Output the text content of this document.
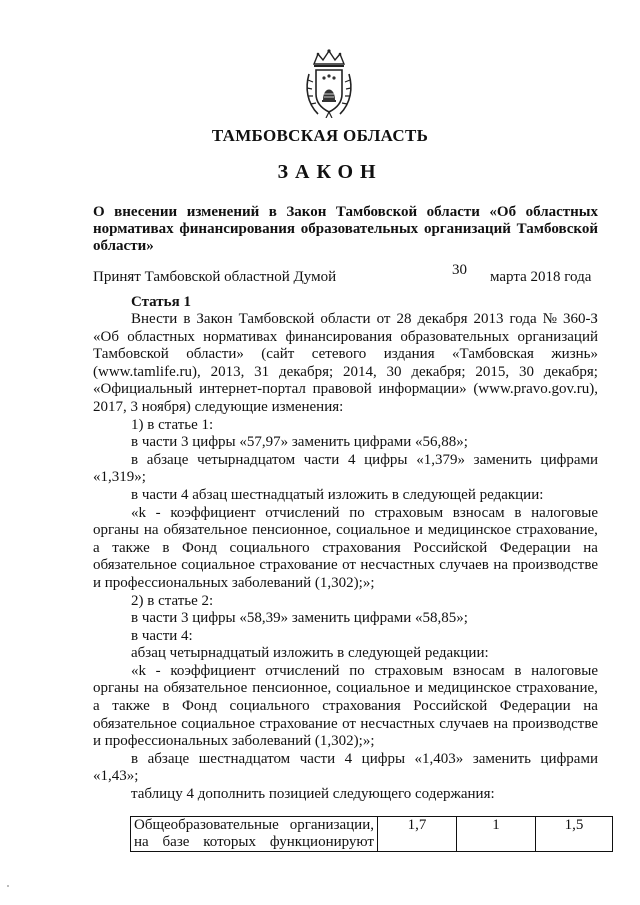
ТАМБОВСКАЯ ОБЛАСТЬ
ЗАКОН
О внесении изменений в Закон Тамбовской области «Об областных
нормативах финансирования образовательных организаций Тамбовской
области»
Принят Тамбовской областной Думой	30 марта 2018 года
Статья 1
Внести в Закон Тамбовской области от 28 декабря 2013 года № 360-З
«Об областных нормативах финансирования образовательных организаций
Тамбовской области» (сайт сетевого издания «Тамбовская жизнь»
(www.tamlife.ru), 2013, 31 декабря; 2014, 30 декабря; 2015, 30 декабря;
«Официальный интернет-портал правовой информации» (www.pravo.gov.ru),
2017, 3 ноября) следующие изменения:
1) в статье 1:
в части 3 цифры «57,97» заменить цифрами «56,88»;
в абзаце четырнадцатом части 4 цифры «1,379» заменить цифрами
«1,319»;
в части 4 абзац шестнадцатый изложить в следующей редакции:
«k - коэффициент отчислений по страховым взносам в налоговые
органы на обязательное пенсионное, социальное и медицинское страхование,
а также в Фонд социального страхования Российской Федерации на
обязательное социальное страхование от несчастных случаев на производстве
и профессиональных заболеваний (1,302);»;
2) в статье 2:
в части 3 цифры «58,39» заменить цифрами «58,85»;
в части 4:
абзац четырнадцатый изложить в следующей редакции:
«k - коэффициент отчислений по страховым взносам в налоговые
органы на обязательное пенсионное, социальное и медицинское страхование,
а также в Фонд социального страхования Российской Федерации на
обязательное социальное страхование от несчастных случаев на производстве
и профессиональных заболеваний (1,302);»;
в абзаце шестнадцатом части 4 цифры «1,403» заменить цифрами
«1,43»;
таблицу 4 дополнить позицией следующего содержания:
Общеобразовательные организации,
на базе которых функционируют
	1,7	1	1,5
